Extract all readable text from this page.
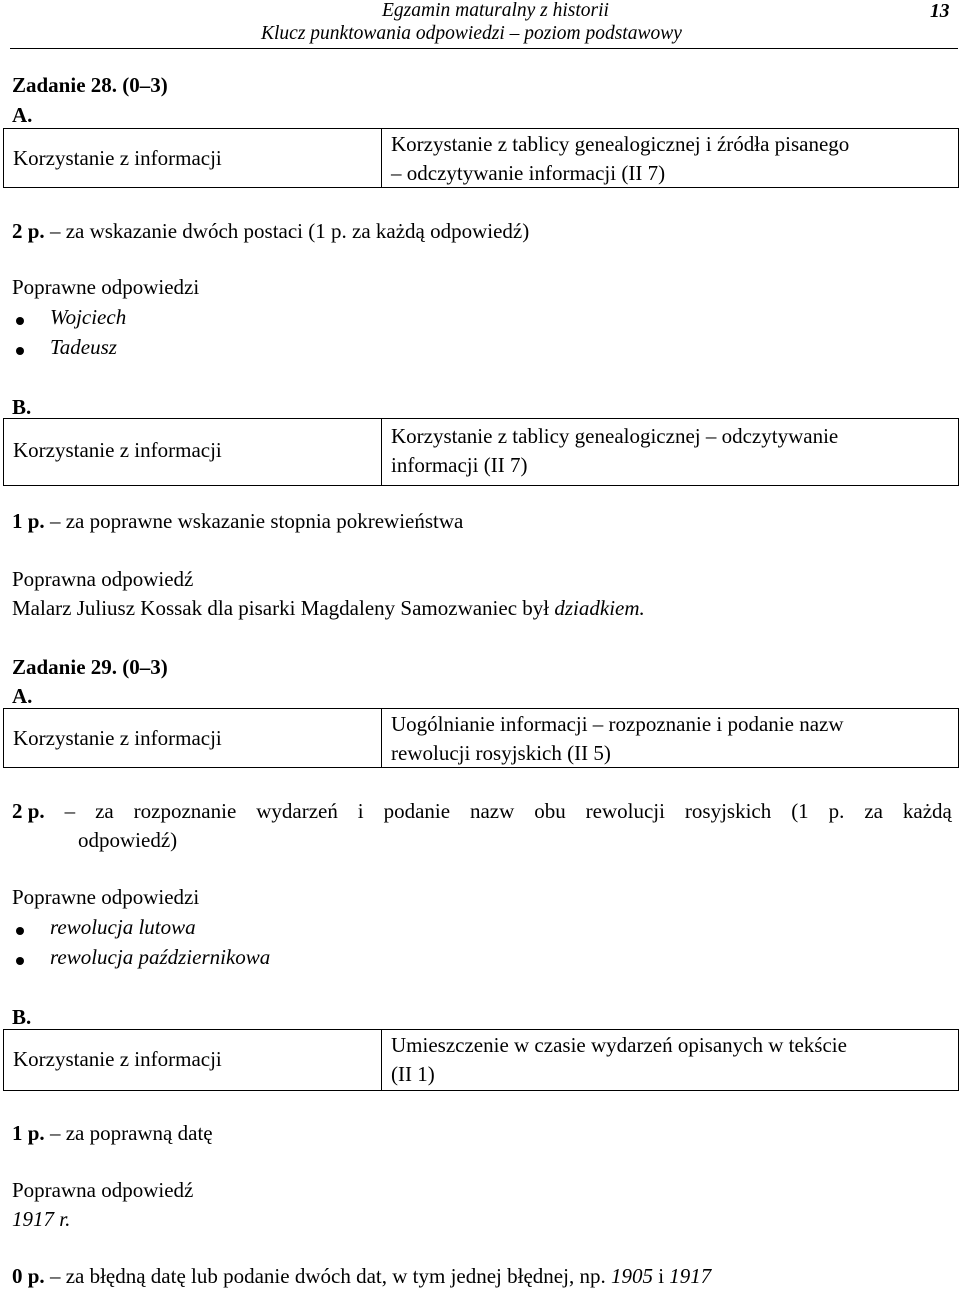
Egzamin maturalny z historii
Klucz punktowania odpowiedzi – poziom podstawowy
13
Zadanie 28. (0–3)
A.
Korzystanie z informacji
Korzystanie z tablicy genealogicznej i źródła pisanego
– odczytywanie informacji (II 7)
2 p. – za wskazanie dwóch postaci (1 p. za każdą odpowiedź)
Poprawne odpowiedzi
Wojciech
Tadeusz
B.
Korzystanie z informacji
Korzystanie z tablicy genealogicznej – odczytywanie
informacji (II 7)
1 p. – za poprawne wskazanie stopnia pokrewieństwa
Poprawna odpowiedź
Malarz Juliusz Kossak dla pisarki Magdaleny Samozwaniec był dziadkiem.
Zadanie 29. (0–3)
A.
Korzystanie z informacji
Uogólnianie informacji – rozpoznanie i podanie nazw
rewolucji rosyjskich (II 5)
2 p. – za rozpoznanie wydarzeń i podanie nazw obu rewolucji rosyjskich (1 p. za każdą
odpowiedź)
Poprawne odpowiedzi
rewolucja lutowa
rewolucja październikowa
B.
Korzystanie z informacji
Umieszczenie w czasie wydarzeń opisanych w tekście
(II 1)
1 p. – za poprawną datę
Poprawna odpowiedź
1917 r.
0 p. – za błędną datę lub podanie dwóch dat, w tym jednej błędnej, np. 1905 i 1917
